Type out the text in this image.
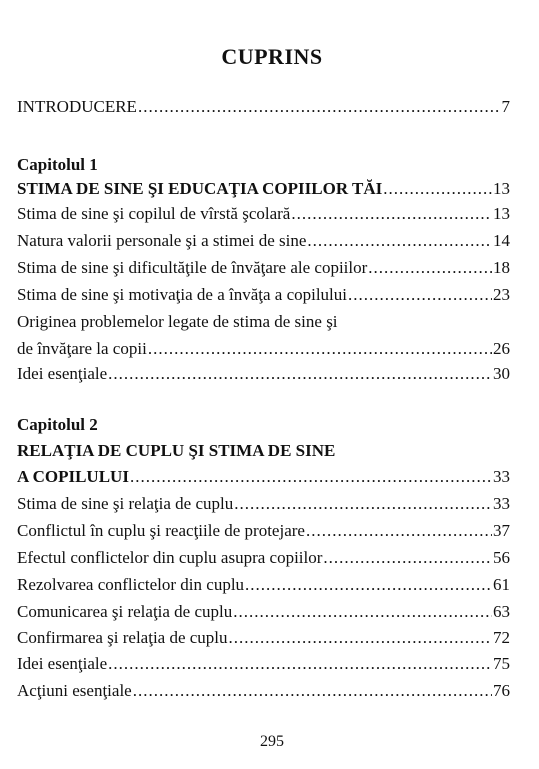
CUPRINS
INTRODUCERE .....	7
Capitolul 1
STIMA DE SINE ŞI EDUCAŢIA COPIILOR TĂI .....	13
Stima de sine şi copilul de vîrstă şcolară .....	13
Natura valorii personale şi a stimei de sine .....	14
Stima de sine şi dificultăţile de învăţare ale copiilor .....	18
Stima de sine şi motivaţia de a învăţa a copilului .....	23
Originea problemelor legate de stima de sine şi
de învăţare la copii .....	26
Idei esenţiale .....	30
Capitolul 2
RELAŢIA DE CUPLU ŞI STIMA DE SINE
A COPILULUI .....	33
Stima de sine şi relaţia de cuplu .....	33
Conflictul în cuplu şi reacţiile de protejare .....	37
Efectul conflictelor din cuplu asupra copiilor .....	56
Rezolvarea conflictelor din cuplu .....	61
Comunicarea şi relaţia de cuplu .....	63
Confirmarea şi relaţia de cuplu .....	72
Idei esenţiale .....	75
Acţiuni esenţiale .....	76
295
